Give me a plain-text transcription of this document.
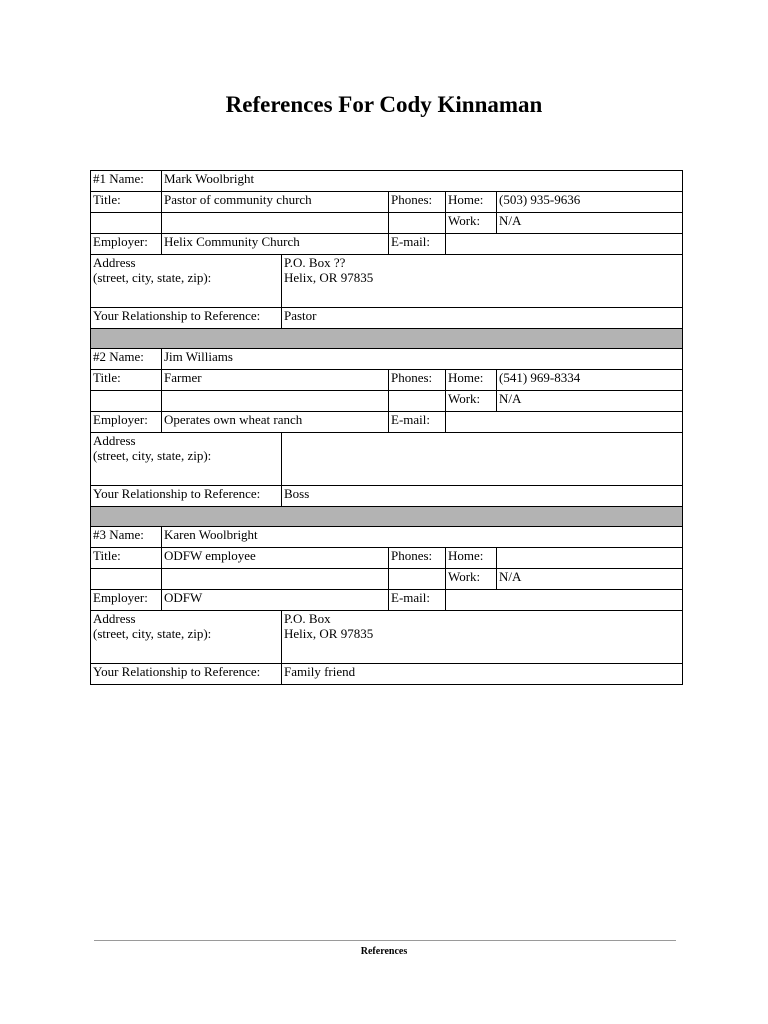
References For Cody Kinnaman
#1 Name:	Mark Woolbright				
Title:	Pastor of community church		Phones:	Home:	(503) 935-9636
				Work:	N/A
Employer:	Helix Community Church		E-mail:		
Address
(street, city, state, zip):		P.O. Box ??
Helix, OR 97835			
Your Relationship to Reference:		Pastor			

#2 Name:	Jim Williams				
Title:	Farmer		Phones:	Home:	(541) 969-8334
				Work:	N/A
Employer:	Operates own wheat ranch		E-mail:		
Address
(street, city, state, zip):					
Your Relationship to Reference:		Boss			

#3 Name:	Karen Woolbright				
Title:	ODFW employee		Phones:	Home:	
				Work:	N/A
Employer:	ODFW		E-mail:		
Address
(street, city, state, zip):		P.O. Box
Helix, OR 97835			
Your Relationship to Reference:		Family friend			
References
